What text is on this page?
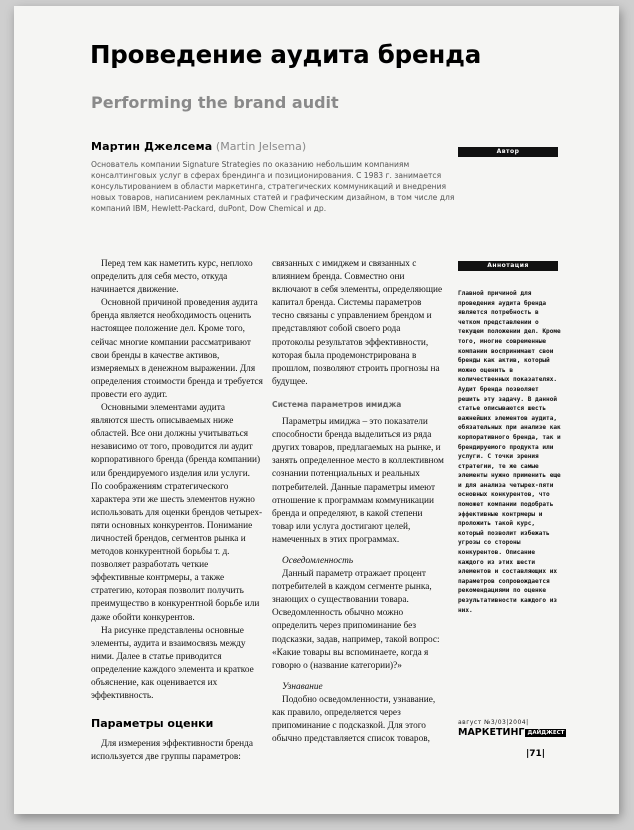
Проведение аудита бренда
Performing the brand audit
Мартин Джелсема (Martin Jelsema)
Основатель компании Signature Strategies по оказанию небольшим компаниям консалтинговых услуг в сферах брендинга и позиционирования. С 1983 г. занимается консультированием в области маркетинга, стратегических коммуникаций и внедрения новых товаров, написанием рекламных статей и графическим дизайном, в том числе для компаний IBM, Hewlett-Packard, duPont, Dow Chemical и др.
Автор
Аннотация
Главной причиной для проведения аудита бренда является потребность в четком представлении о текущем положении дел. Кроме того, многие современные компании воспринимают свои бренды как актив, который можно оценить в количественных показателях. Аудит бренда позволяет решить эту задачу. В данной статье описываются шесть важнейших элементов аудита, обязательных при анализе как корпоративного бренда, так и брендируемого продукта или услуги. С точки зрения стратегии, те же самые элементы нужно применить еще и для анализа четырех-пяти основных конкурентов, что поможет компании подобрать эффективные контрмеры и проложить такой курс, который позволит избежать угрозы со стороны конкурентов. Описание каждого из этих шести элементов и составляющих их параметров сопровождается рекомендациями по оценке результативности каждого из них.

Перед тем как наметить курс, неплохо определить для себя место, откуда начинается движение.

Основной причиной проведения аудита бренда является необходимость оценить настоящее положение дел. Кроме того, сейчас многие компании рассматривают свои бренды в качестве активов, измеряемых в денежном выражении. Для определения стоимости бренда и требуется провести его аудит.

Основными элементами аудита являются шесть описываемых ниже областей. Все они должны учитываться независимо от того, проводится ли аудит корпоративного бренда (бренда компании) или брендируемого изделия или услуги. По соображениям стратегического характера эти же шесть элементов нужно использовать для оценки брендов четырех-пяти основных конкурентов. Понимание личностей брендов, сегментов рынка и методов конкурентной борьбы т. д. позволяет разработать четкие эффективные контрмеры, а также стратегию, которая позволит получить преимущество в конкурентной борьбе или даже обойти конкурентов.

На рисунке представлены основные элементы, аудита и взаимосвязь между ними. Далее в статье приводится определение каждого элемента и краткое объяснение, как оценивается их эффективность.

Параметры оценки

Для измерения эффективности бренда используется две группы параметров:

связанных с имиджем и связанных с влиянием бренда. Совместно они включают в себя элементы, определяющие капитал бренда. Системы параметров тесно связаны с управлением брендом и представляют собой своего рода протоколы результатов эффективности, которая была продемонстрирована в прошлом, позволяют строить прогнозы на будущее.

Система параметров имиджа

Параметры имиджа – это показатели способности бренда выделиться из ряда других товаров, предлагаемых на рынке, и занять определенное место в коллективном сознании потенциальных и реальных потребителей. Данные параметры имеют отношение к программам коммуникации бренда и определяют, в какой степени товар или услуга достигают целей, намеченных в этих программах.

Осведомленность

Данный параметр отражает процент потребителей в каждом сегменте рынка, знающих о существовании товара. Осведомленность обычно можно определить через припоминание без подсказки, задав, например, такой вопрос: «Какие товары вы вспоминаете, когда я говорю о (название категории)?»

Узнавание

Подобно осведомленности, узнавание, как правило, определяется через припоминание с подсказкой. Для этого обычно представляется список товаров,

август №3/03|2004|
МАРКЕТИНГ ДАЙДЖЕСТ
|71|
